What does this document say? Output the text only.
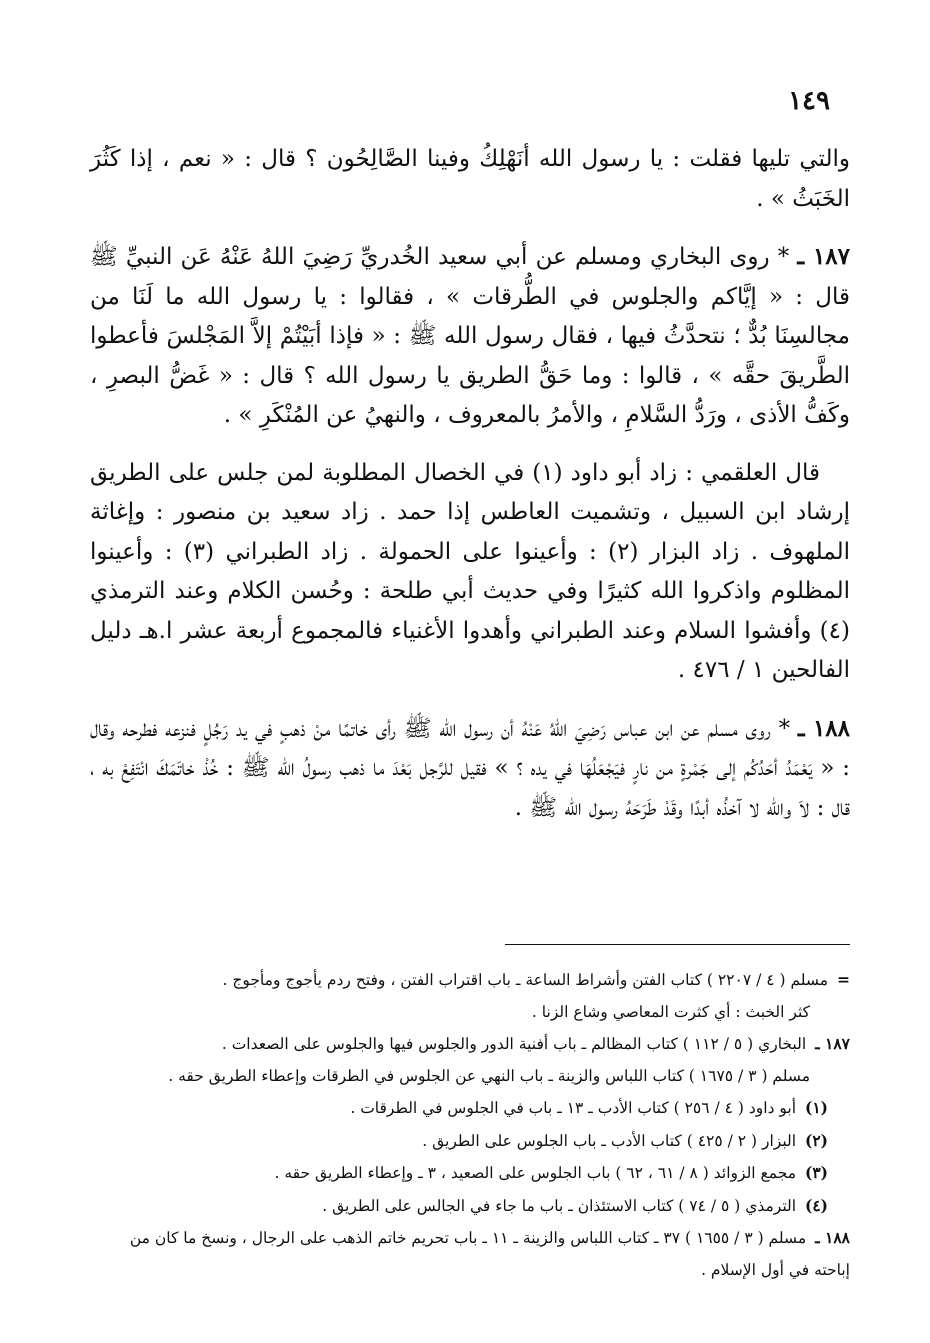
١٤٩

والتي تليها فقلت : يا رسول الله أنَهْلِكُ وفينا الصَّالِحُون ؟ قال : « نعم ، إذا كَثُرَ الخَبَثُ » .

١٨٧ ـ * روى البخاري ومسلم عن أبي سعيد الخُدريِّ رَضِيَ اللهُ عَنْهُ عَن النبيِّ ﷺ قال : « إيَّاكم والجلوس في الطُّرقات » ، فقالوا : يا رسول الله ما لَنَا من مجالسِنَا بُدٌّ ؛ نتحدَّثُ فيها ، فقال رسول الله ﷺ : « فإذا أبَيْتُمْ إلاَّ المَجْلسَ فأعطوا الطَّريقَ حقَّه » ، قالوا : وما حَقُّ الطريق يا رسول الله ؟ قال : « غَضُّ البصرِ ، وكَفُّ الأذى ، ورَدُّ السَّلامِ ، والأمرُ بالمعروف ، والنهيُ عن المُنْكَرِ » .

قال العلقمي : زاد أبو داود (١) في الخصال المطلوبة لمن جلس على الطريق إرشاد ابن السبيل ، وتشميت العاطس إذا حمد . زاد سعيد بن منصور : وإغاثة الملهوف . زاد البزار (٢) : وأعينوا على الحمولة . زاد الطبراني (٣) : وأعينوا المظلوم واذكروا الله كثيرًا وفي حديث أبي طلحة : وحُسن الكلام وعند الترمذي (٤) وأفشوا السلام وعند الطبراني وأهدوا الأغنياء فالمجموع أربعة عشر ا.هـ دليل الفالحين ١ / ٤٧٦ .

١٨٨ ـ * روى مسلم عن ابن عباس رَضِيَ اللهُ عَنْهُ أن رسول الله ﷺ رأى خاتمًا منْ ذهبٍ في يد رَجُلٍ فنزعه فطرحه وقال : « يَعْمَدُ أحَدُكُم إلى جَمْرةٍ من نارٍ فيَجْعَلُهَا في يده ؟ » فقيل للرَّجل بَعْدَ ما ذهب رسولُ الله ﷺ : خُذْ خاتَمَكَ انْتَفِعْ به ، قال : لاَ والله لا آخذُه أبدًا وقَدْ طَرَحَهُ رسول الله ﷺ .

= مسلم ( ٤ / ٢٢٠٧ ) كتاب الفتن وأشراط الساعة ـ باب اقتراب الفتن ، وفتح ردم يأجوج ومأجوج .

كثر الخبث : أي كثرت المعاصي وشاع الزنا .

١٨٧ ـ البخاري ( ٥ / ١١٢ ) كتاب المظالم ـ باب أفنية الدور والجلوس فيها والجلوس على الصعدات .

مسلم ( ٣ / ١٦٧٥ ) كتاب اللباس والزينة ـ باب النهي عن الجلوس في الطرقات وإعطاء الطريق حقه .

(١) أبو داود ( ٤ / ٢٥٦ ) كتاب الأدب ـ ١٣ ـ باب في الجلوس في الطرقات .

(٢) البزار ( ٢ / ٤٢٥ ) كتاب الأدب ـ باب الجلوس على الطريق .

(٣) مجمع الزوائد ( ٨ / ٦١ ، ٦٢ ) باب الجلوس على الصعيد ، ٣ ـ وإعطاء الطريق حقه .

(٤) الترمذي ( ٥ / ٧٤ ) كتاب الاستئذان ـ باب ما جاء في الجالس على الطريق .

١٨٨ ـ مسلم ( ٣ / ١٦٥٥ ) ٣٧ ـ كتاب اللباس والزينة ـ ١١ ـ باب تحريم خاتم الذهب على الرجال ، ونسخ ما كان من إباحته في أول الإسلام .
